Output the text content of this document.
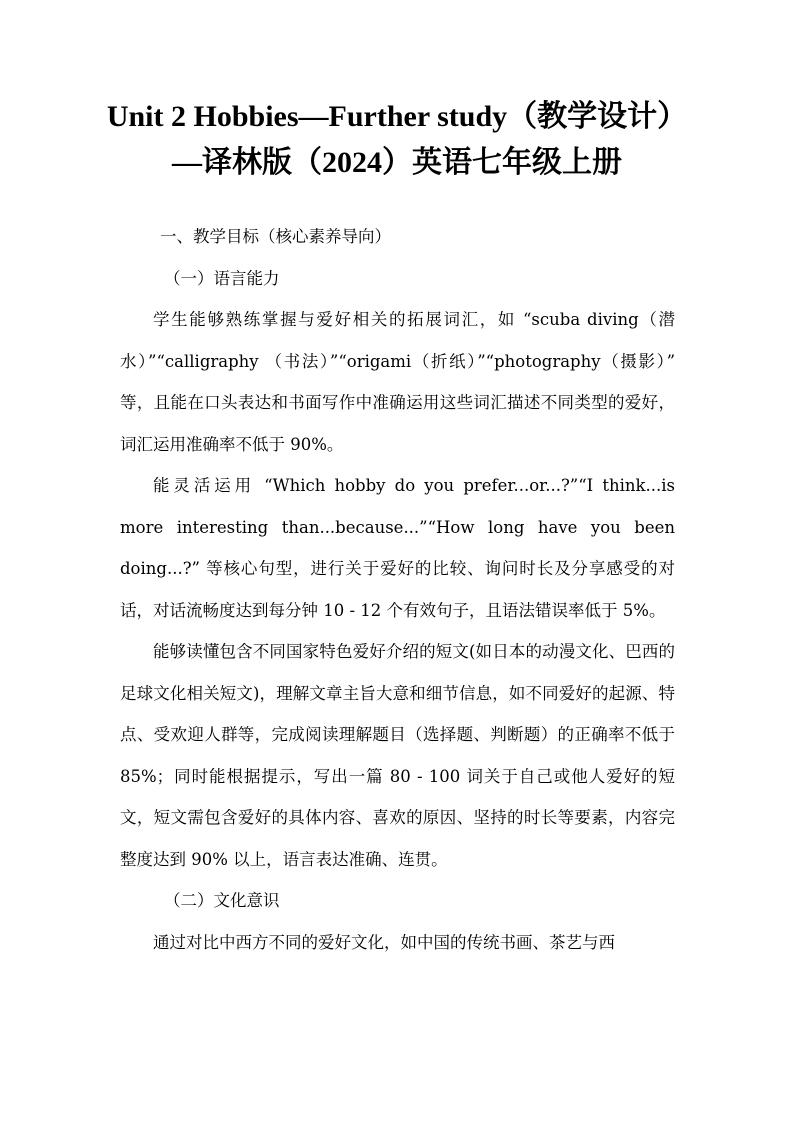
Unit 2 Hobbies—Further study（教学设计）—译林版（2024）英语七年级上册

一、教学目标（核心素养导向）

（一）语言能力

学生能够熟练掌握与爱好相关的拓展词汇，如 “scuba diving（潜水）”“calligraphy （书法）”“origami（折纸）”“photography（摄影）” 等，且能在口头表达和书面写作中准确运用这些词汇描述不同类型的爱好，词汇运用准确率不低于 90%。

能灵活运用 “Which hobby do you prefer...or...?”“I think...is more interesting than...because...”“How long have you been doing...?” 等核心句型，进行关于爱好的比较、询问时长及分享感受的对话，对话流畅度达到每分钟 10 - 12 个有效句子，且语法错误率低于 5%。

能够读懂包含不同国家特色爱好介绍的短文(如日本的动漫文化、巴西的足球文化相关短文)，理解文章主旨大意和细节信息，如不同爱好的起源、特点、受欢迎人群等，完成阅读理解题目（选择题、判断题）的正确率不低于 85%；同时能根据提示，写出一篇 80 - 100 词关于自己或他人爱好的短文，短文需包含爱好的具体内容、喜欢的原因、坚持的时长等要素，内容完整度达到 90% 以上，语言表达准确、连贯。

（二）文化意识

通过对比中西方不同的爱好文化，如中国的传统书画、茶艺与西
